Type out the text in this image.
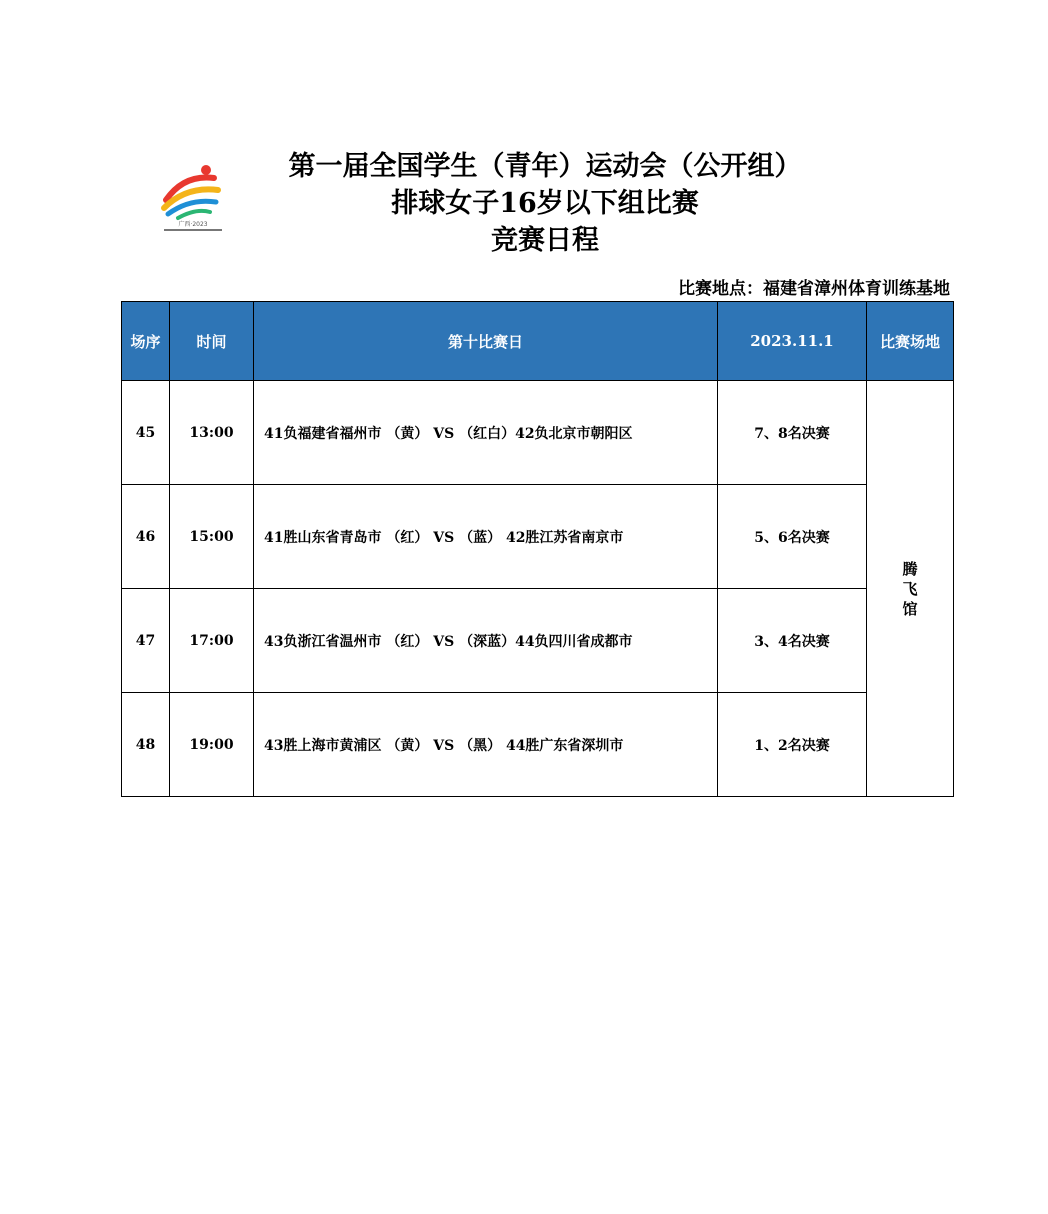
广西·2023
第一届全国学生（青年）运动会（公开组）
排球女子16岁以下组比赛
竞赛日程
比赛地点：福建省漳州体育训练基地
场序	时间	第十比赛日	2023.11.1	比赛场地
45	13:00	41负福建省福州市 （黄） VS （红白）42负北京市朝阳区	7、8名决赛	腾飞馆
46	15:00	41胜山东省青岛市 （红） VS （蓝） 42胜江苏省南京市	5、6名决赛	
47	17:00	43负浙江省温州市 （红） VS （深蓝）44负四川省成都市	3、4名决赛	
48	19:00	43胜上海市黄浦区 （黄） VS （黑） 44胜广东省深圳市	1、2名决赛	
